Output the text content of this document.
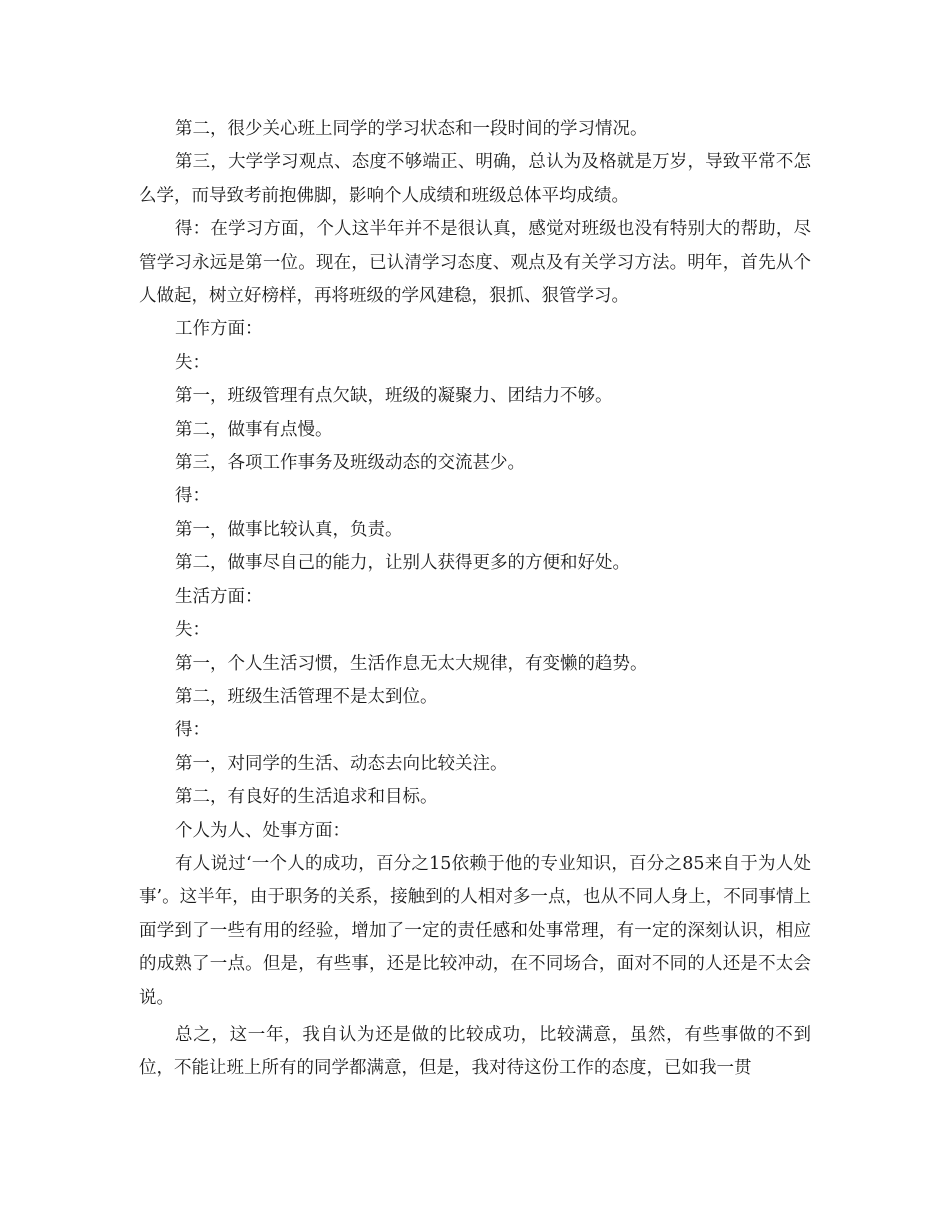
第二，很少关心班上同学的学习状态和一段时间的学习情况。

第三，大学学习观点、态度不够端正、明确，总认为及格就是万岁，导致平常不怎么学，而导致考前抱佛脚，影响个人成绩和班级总体平均成绩。

得：在学习方面，个人这半年并不是很认真，感觉对班级也没有特别大的帮助，尽管学习永远是第一位。现在，已认清学习态度、观点及有关学习方法。明年，首先从个人做起，树立好榜样，再将班级的学风建稳，狠抓、狠管学习。

工作方面：

失：

第一，班级管理有点欠缺，班级的凝聚力、团结力不够。

第二，做事有点慢。

第三，各项工作事务及班级动态的交流甚少。

得：

第一，做事比较认真，负责。

第二，做事尽自己的能力，让别人获得更多的方便和好处。

生活方面：

失：

第一，个人生活习惯，生活作息无太大规律，有变懒的趋势。

第二，班级生活管理不是太到位。

得：

第一，对同学的生活、动态去向比较关注。

第二，有良好的生活追求和目标。

个人为人、处事方面：

有人说过‘一个人的成功，百分之15依赖于他的专业知识，百分之85来自于为人处事’。这半年，由于职务的关系，接触到的人相对多一点，也从不同人身上，不同事情上面学到了一些有用的经验，增加了一定的责任感和处事常理，有一定的深刻认识，相应的成熟了一点。但是，有些事，还是比较冲动，在不同场合，面对不同的人还是不太会说。

总之，这一年，我自认为还是做的比较成功，比较满意，虽然，有些事做的不到位，不能让班上所有的同学都满意，但是，我对待这份工作的态度，已如我一贯
